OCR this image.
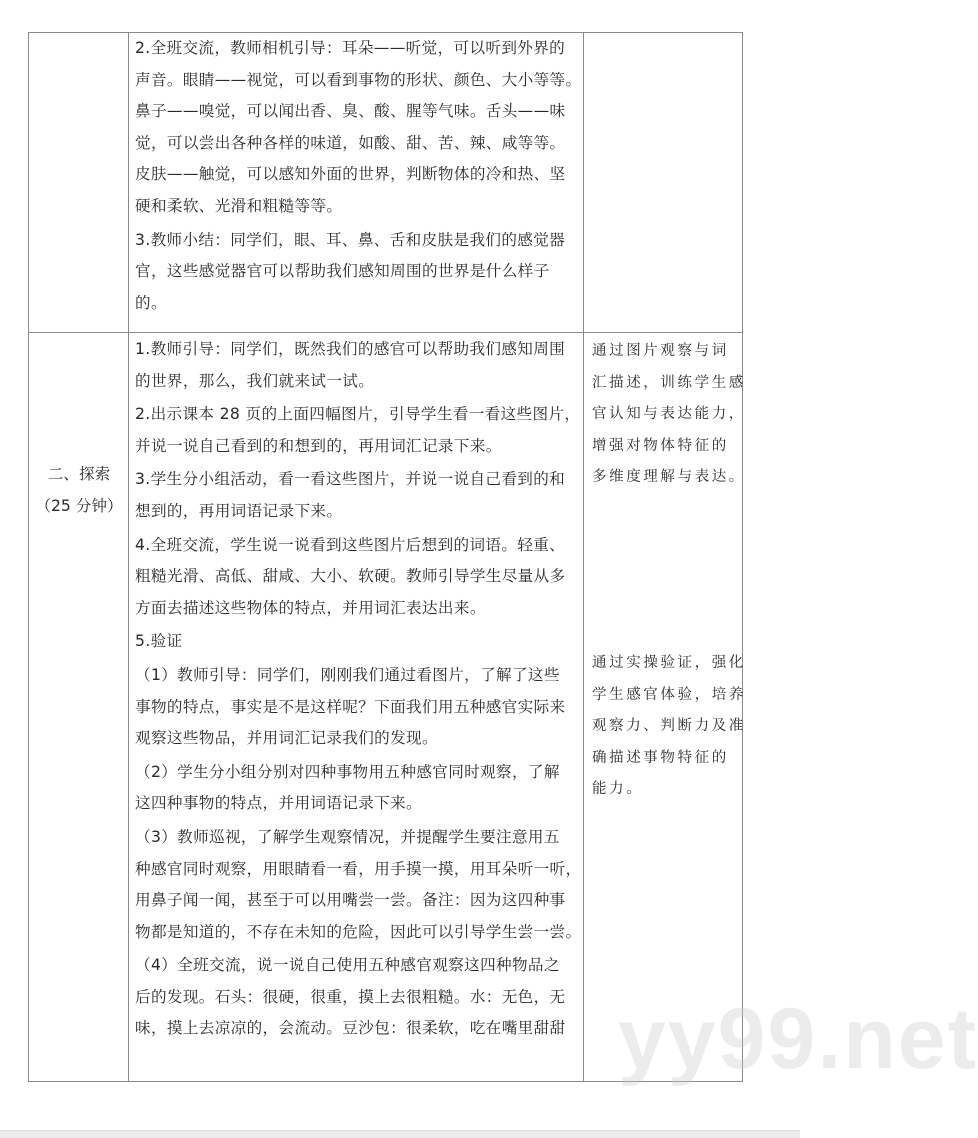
2.全班交流，教师相机引导：耳朵——听觉，可以听到外界的
声音。眼睛——视觉，可以看到事物的形状、颜色、大小等等。
鼻子——嗅觉，可以闻出香、臭、酸、腥等气味。舌头——味
觉，可以尝出各种各样的味道，如酸、甜、苦、辣、咸等等。
皮肤——触觉，可以感知外面的世界，判断物体的冷和热、坚
硬和柔软、光滑和粗糙等等。
3.教师小结：同学们，眼、耳、鼻、舌和皮肤是我们的感觉器
官，这些感觉器官可以帮助我们感知周围的世界是什么样子
的。
二、探索
（25 分钟）
1.教师引导：同学们，既然我们的感官可以帮助我们感知周围
的世界，那么，我们就来试一试。
2.出示课本 28 页的上面四幅图片，引导学生看一看这些图片，
并说一说自己看到的和想到的，再用词汇记录下来。
3.学生分小组活动，看一看这些图片，并说一说自己看到的和
想到的，再用词语记录下来。
4.全班交流，学生说一说看到这些图片后想到的词语。轻重、
粗糙光滑、高低、甜咸、大小、软硬。教师引导学生尽量从多
方面去描述这些物体的特点，并用词汇表达出来。
5.验证
（1）教师引导：同学们，刚刚我们通过看图片，了解了这些
事物的特点，事实是不是这样呢？下面我们用五种感官实际来
观察这些物品，并用词汇记录我们的发现。
（2）学生分小组分别对四种事物用五种感官同时观察，了解
这四种事物的特点，并用词语记录下来。
（3）教师巡视，了解学生观察情况，并提醒学生要注意用五
种感官同时观察，用眼睛看一看，用手摸一摸，用耳朵听一听，
用鼻子闻一闻，甚至于可以用嘴尝一尝。备注：因为这四种事
物都是知道的，不存在未知的危险，因此可以引导学生尝一尝。
（4）全班交流，说一说自己使用五种感官观察这四种物品之
后的发现。石头：很硬，很重，摸上去很粗糙。水：无色，无
味，摸上去凉凉的，会流动。豆沙包：很柔软，吃在嘴里甜甜
通过图片观察与词
汇描述，训练学生感
官认知与表达能力，
增强对物体特征的
多维度理解与表达。
通过实操验证，强化
学生感官体验，培养
观察力、判断力及准
确描述事物特征的
能力。
yy99.net
